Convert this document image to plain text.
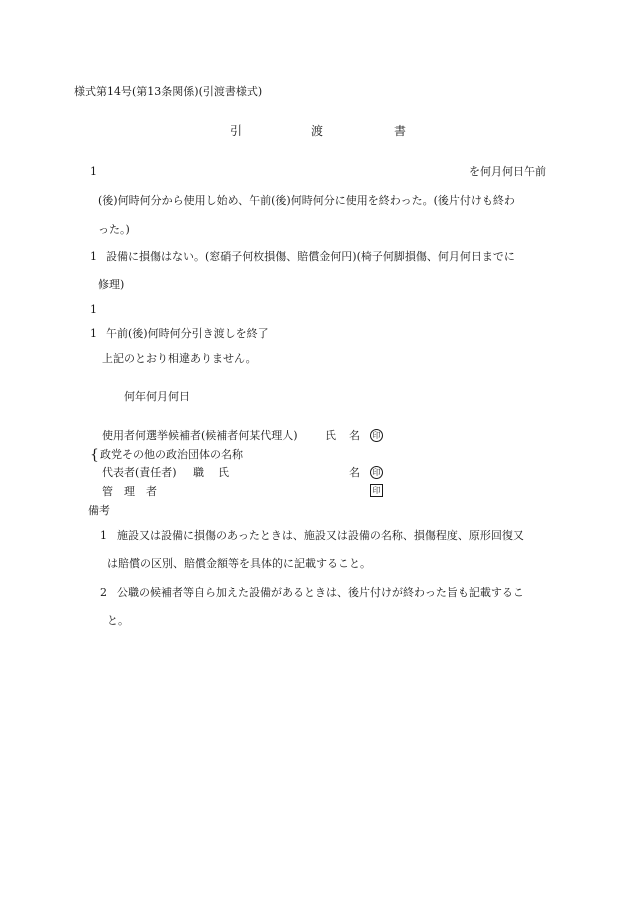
様式第14号(第13条関係)(引渡書様式)
引	渡	書
1	を何月何日午前
(後)何時何分から使用し始め、午前(後)何時何分に使用を終わった。(後片付けも終わ
った。)
1 設備に損傷はない。(窓硝子何枚損傷、賠償金何円)(椅子何脚損傷、何月何日までに
修理)
1
1 午前(後)何時何分引き渡しを終了
上記のとおり相違ありません。
何年何月何日
使用者何選挙候補者(候補者何某代理人) 氏 名	印
{ 政党その他の政治団体の名称
代表者(責任者) 職 氏	名	印
管 理 者	印
備考
1 施設又は設備に損傷のあったときは、施設又は設備の名称、損傷程度、原形回復又
は賠償の区別、賠償金額等を具体的に記載すること。
2 公職の候補者等自ら加えた設備があるときは、後片付けが終わった旨も記載するこ
と。
